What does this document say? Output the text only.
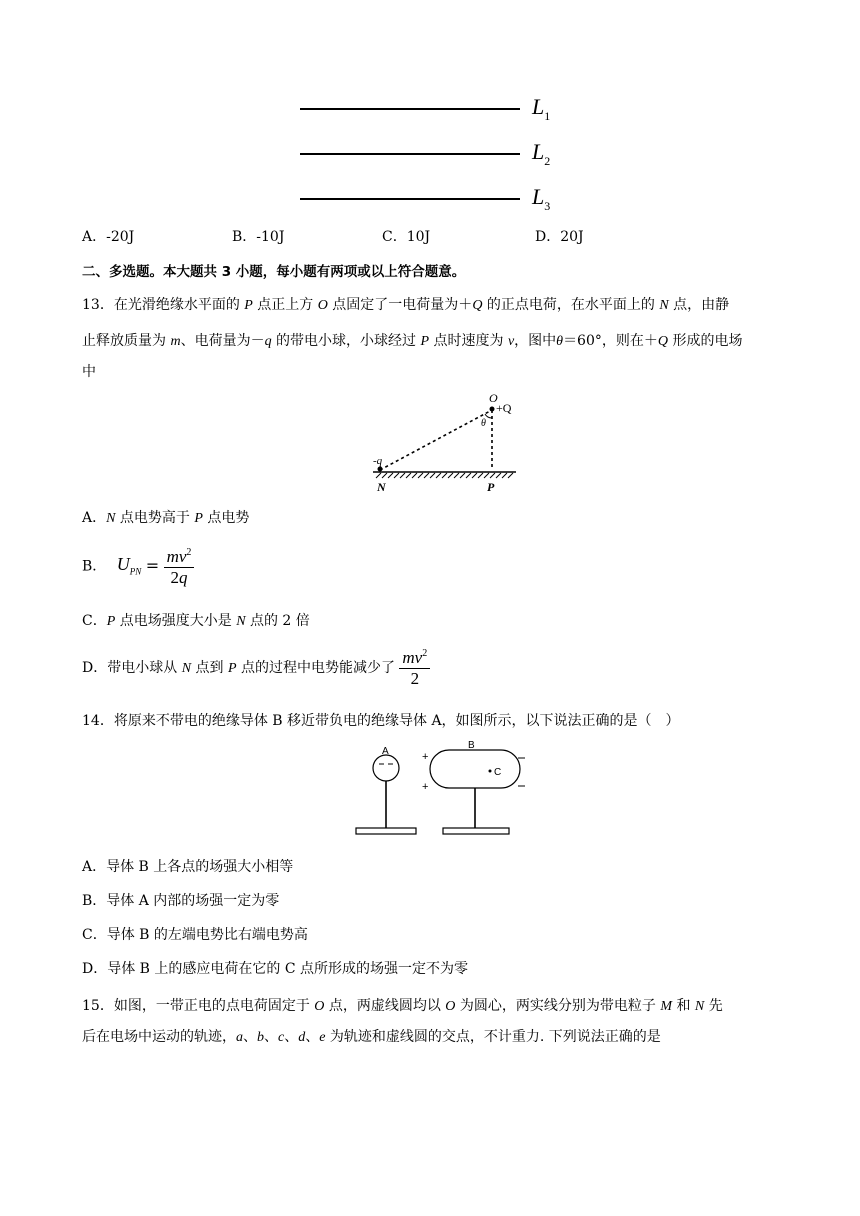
$L_1$
$L_2$
$L_3$
A．-20J	B．-10J	C．10J	D．20J
二、多选题。本大题共 3 小题，每小题有两项或以上符合题意。
13．在光滑绝缘水平面的 P 点正上方 O 点固定了一电荷量为＋Q 的正点电荷，在水平面上的 N 点，由静
止释放质量为 m、电荷量为－q 的带电小球，小球经过 P 点时速度为 v，图中θ＝60°，则在＋Q 形成的电场
中
O
+Q
θ
-q
N	P
A．N 点电势高于 P 点电势
B． $U_{PN} = \frac{mv^2}{2q}$
C．P 点电场强度大小是 N 点的 2 倍
D．带电小球从 N 点到 P 点的过程中电势能减少了 $\frac{mv^2}{2}$
14．将原来不带电的绝缘导体 B 移近带负电的绝缘导体 A，如图所示，以下说法正确的是（　）
A
B
C
+
+
A．导体 B 上各点的场强大小相等
B．导体 A 内部的场强一定为零
C．导体 B 的左端电势比右端电势高
D．导体 B 上的感应电荷在它的 C 点所形成的场强一定不为零
15．如图，一带正电的点电荷固定于 O 点，两虚线圆均以 O 为圆心，两实线分别为带电粒子 M 和 N 先
后在电场中运动的轨迹，a、b、c、d、e 为轨迹和虚线圆的交点，不计重力. 下列说法正确的是
